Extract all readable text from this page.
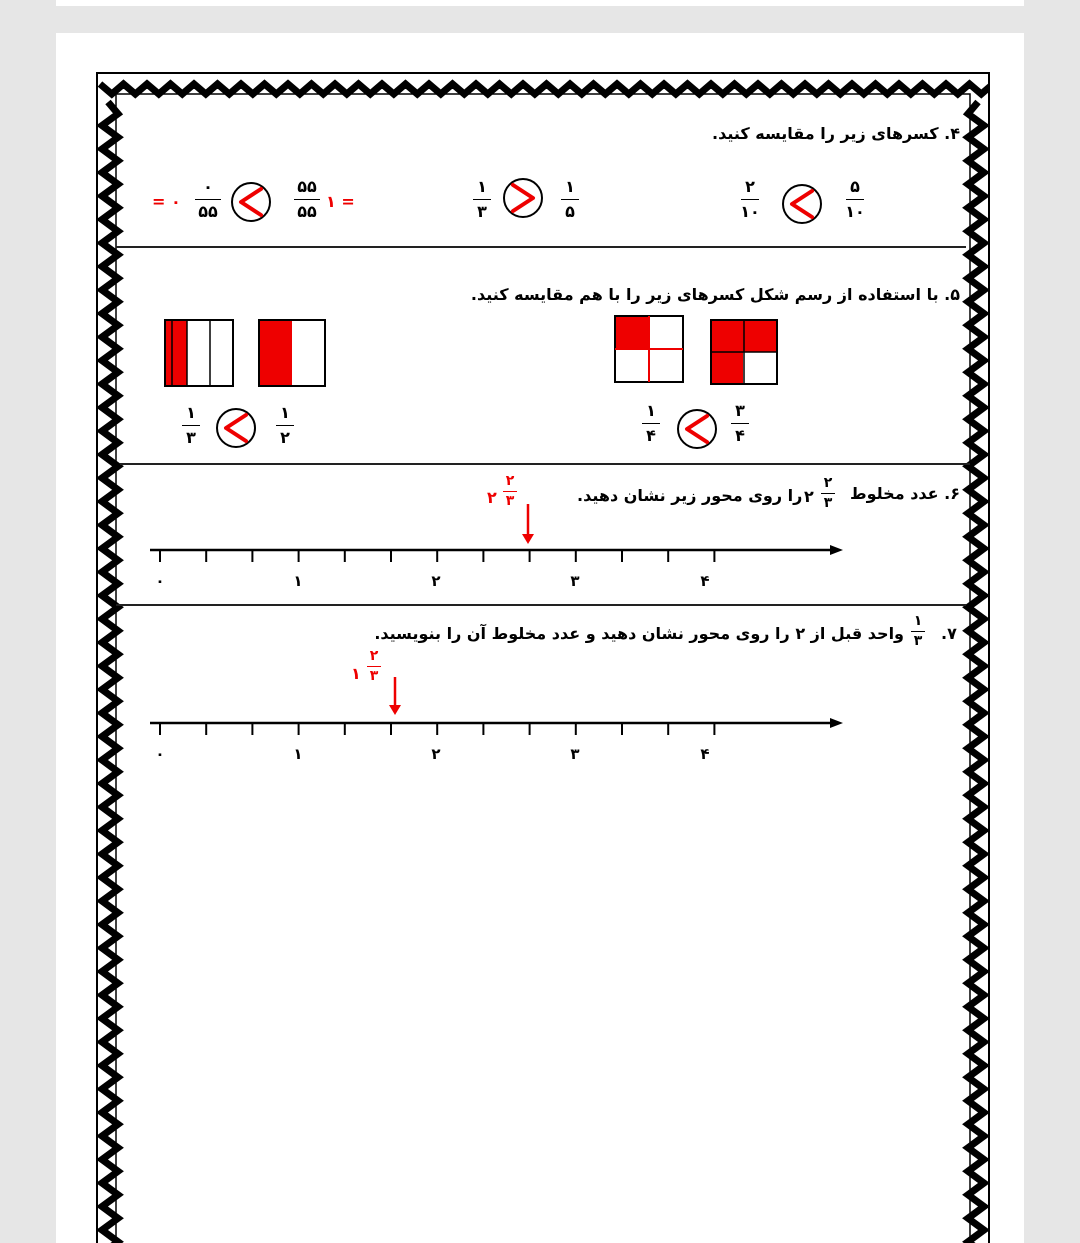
۴. کسرهای زیر را مقایسه کنید.
۵
۱۰
۲
۱۰
۱
۵
۱
۳
۱ =
۵۵
۵۵
۰
۵۵
= ۰
۵. با استفاده از رسم شکل کسرهای زیر را با هم مقایسه کنید.
۳
۴
۱
۴
۱
۲
۱
۳
۶. عدد مخلوط
۲
۳
۲
را روی محور زیر نشان دهید.
۲
۳
۲
۰	۱	۲	۳	۴
۷.
۱
۳
واحد قبل از ۲ را روی محور نشان دهید و عدد مخلوط آن را بنویسید.
۲
۳
۱
۰	۱	۲	۳	۴
